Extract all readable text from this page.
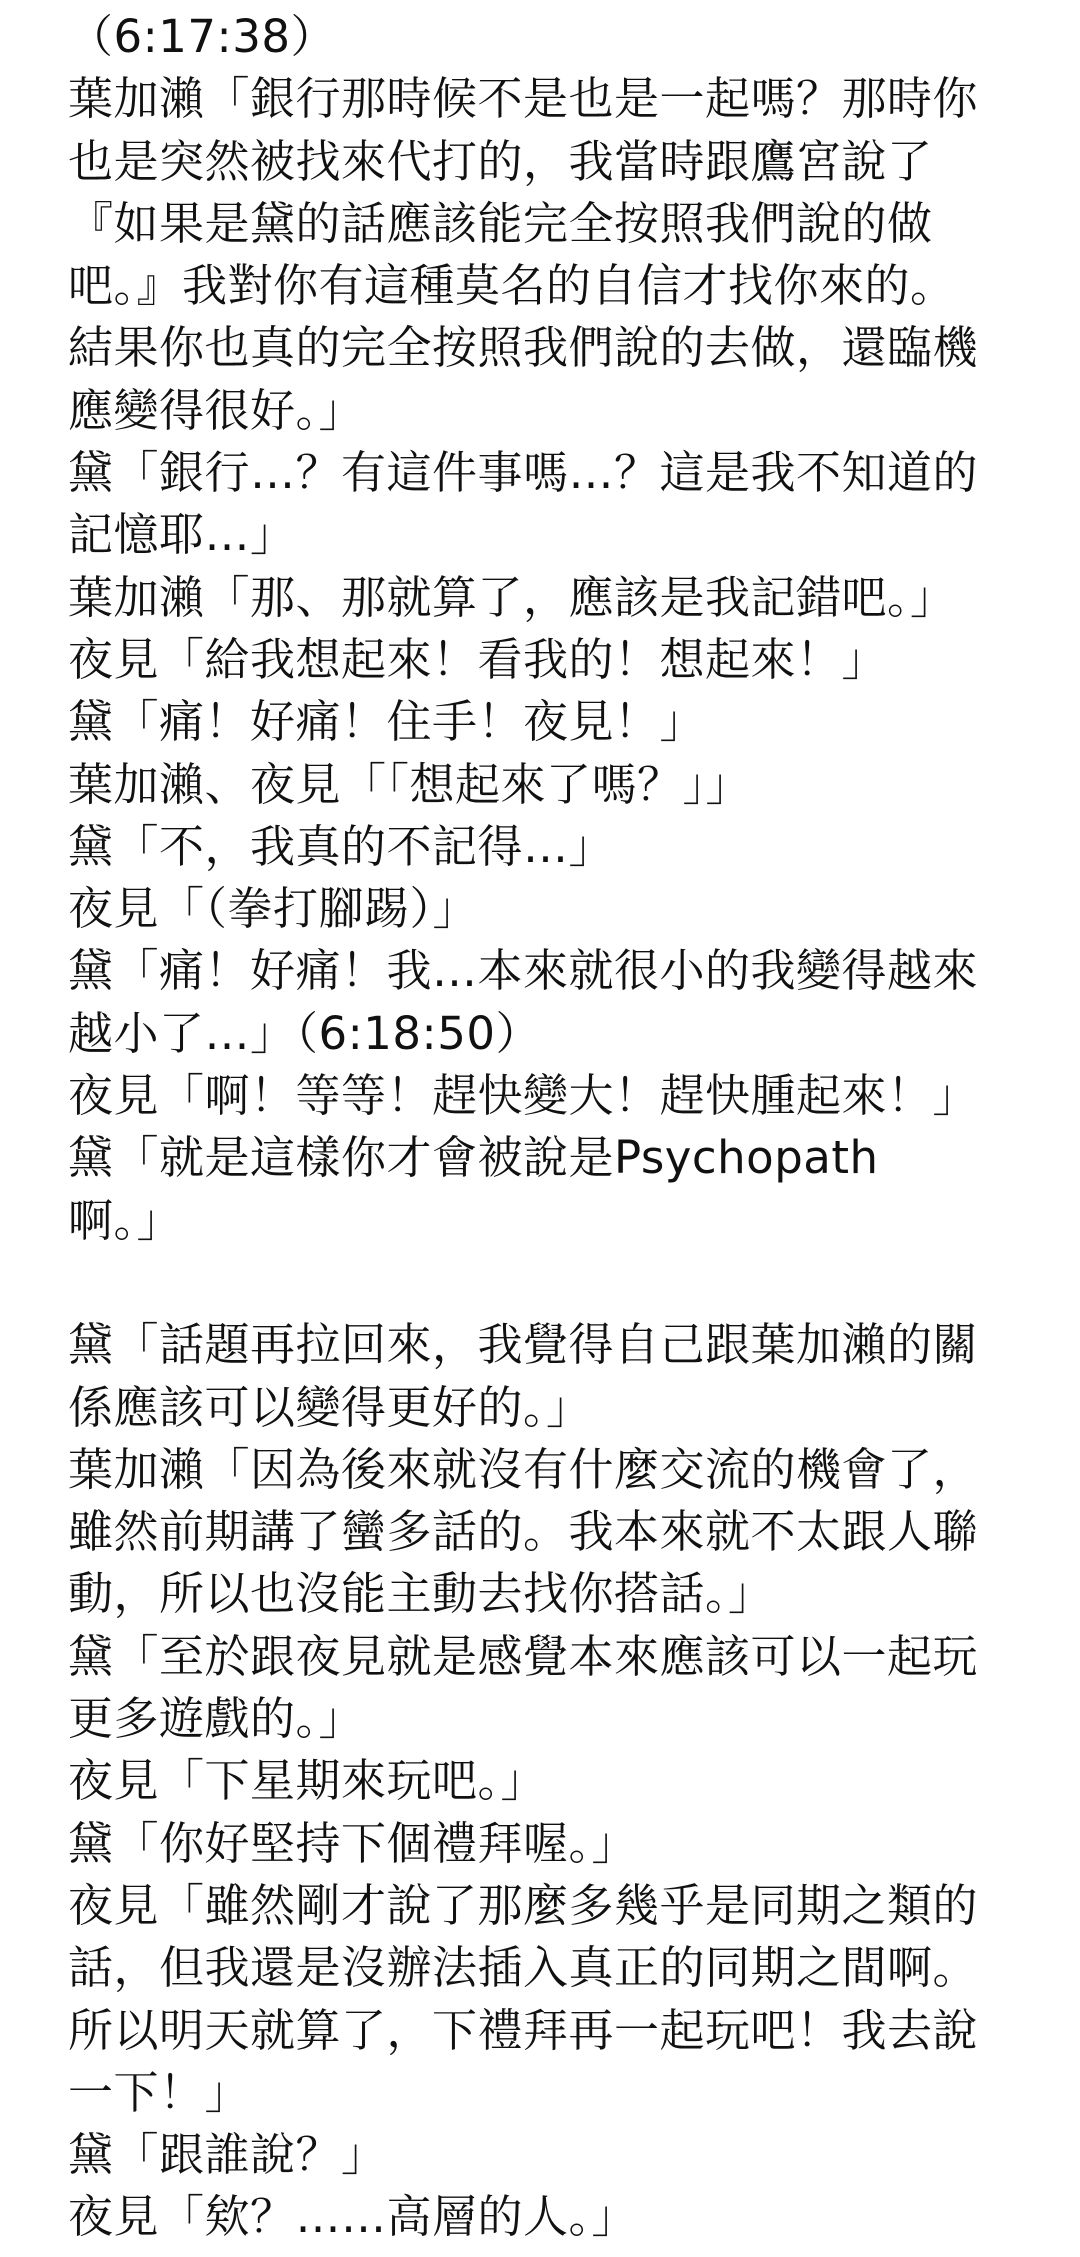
（6:17:38）
葉加瀨「銀行那時候不是也是一起嗎？那時你
也是突然被找來代打的，我當時跟鷹宮說了
『如果是黛的話應該能完全按照我們說的做
吧。』我對你有這種莫名的自信才找你來的。
結果你也真的完全按照我們說的去做，還臨機
應變得很好。」
黛「銀行…？有這件事嗎…？這是我不知道的
記憶耶…」
葉加瀨「那、那就算了，應該是我記錯吧。」
夜見「給我想起來！看我的！想起來！」
黛「痛！好痛！住手！夜見！」
葉加瀨、夜見「「想起來了嗎？」」
黛「不，我真的不記得…」
夜見「（拳打腳踢）」
黛「痛！好痛！我…本來就很小的我變得越來
越小了…」（6:18:50）
夜見「啊！等等！趕快變大！趕快腫起來！」
黛「就是這樣你才會被說是Psychopath
啊。」
黛「話題再拉回來，我覺得自己跟葉加瀨的關
係應該可以變得更好的。」
葉加瀨「因為後來就沒有什麼交流的機會了，
雖然前期講了蠻多話的。我本來就不太跟人聯
動，所以也沒能主動去找你搭話。」
黛「至於跟夜見就是感覺本來應該可以一起玩
更多遊戲的。」
夜見「下星期來玩吧。」
黛「你好堅持下個禮拜喔。」
夜見「雖然剛才說了那麼多幾乎是同期之類的
話，但我還是沒辦法插入真正的同期之間啊。
所以明天就算了，下禮拜再一起玩吧！我去說
一下！」
黛「跟誰說？」
夜見「欸？……高層的人。」
